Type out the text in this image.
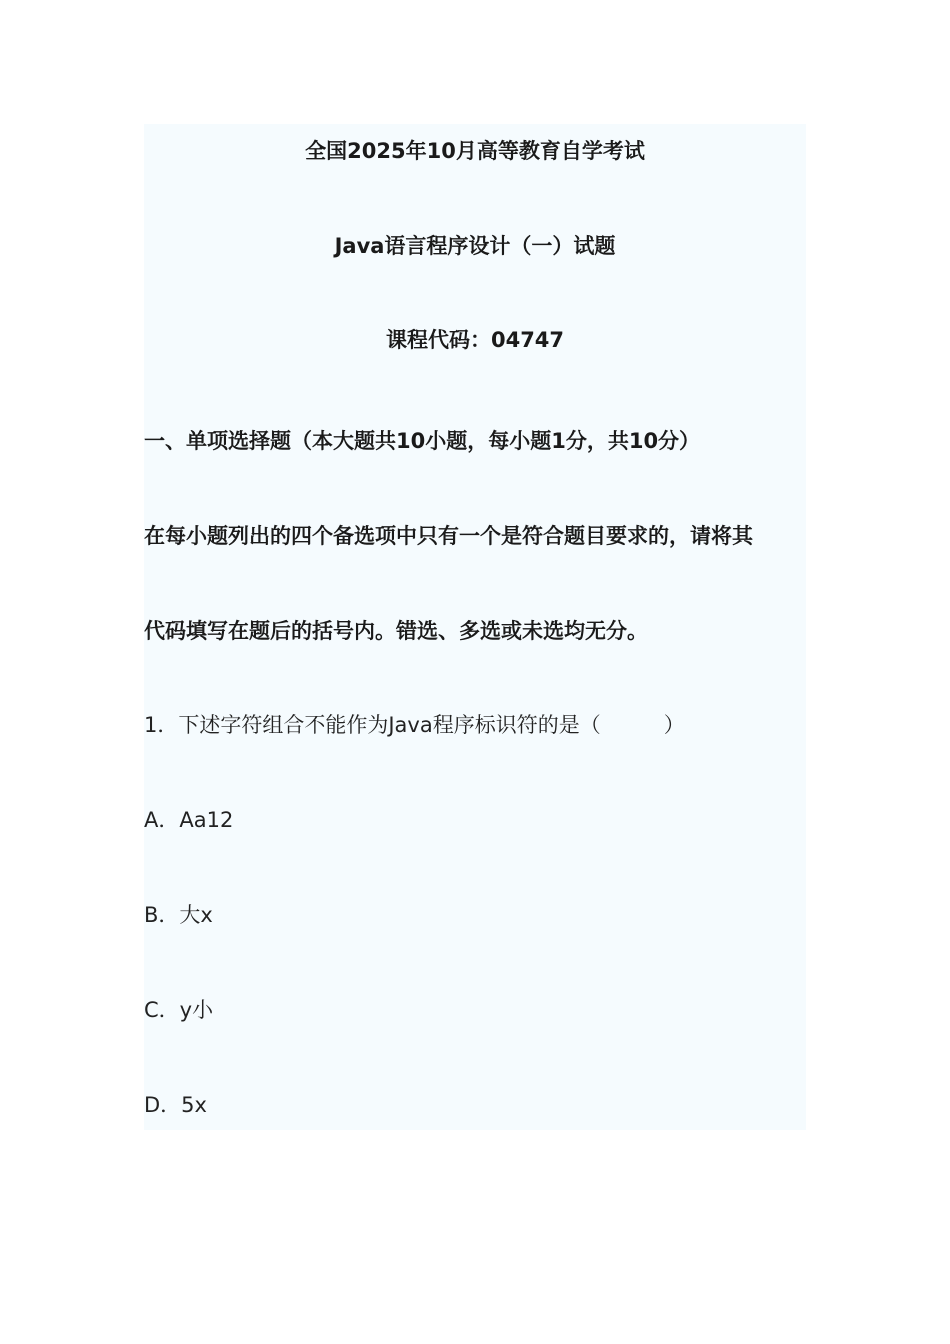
全国2025年10月高等教育自学考试
Java语言程序设计（一）试题
课程代码：04747
一、单项选择题（本大题共10小题，每小题1分，共10分）
在每小题列出的四个备选项中只有一个是符合题目要求的，请将其
代码填写在题后的括号内。错选、多选或未选均无分。
1．下述字符组合不能作为Java程序标识符的是（　　　）
A．Aa12
B．大x
C．y小
D．5x
